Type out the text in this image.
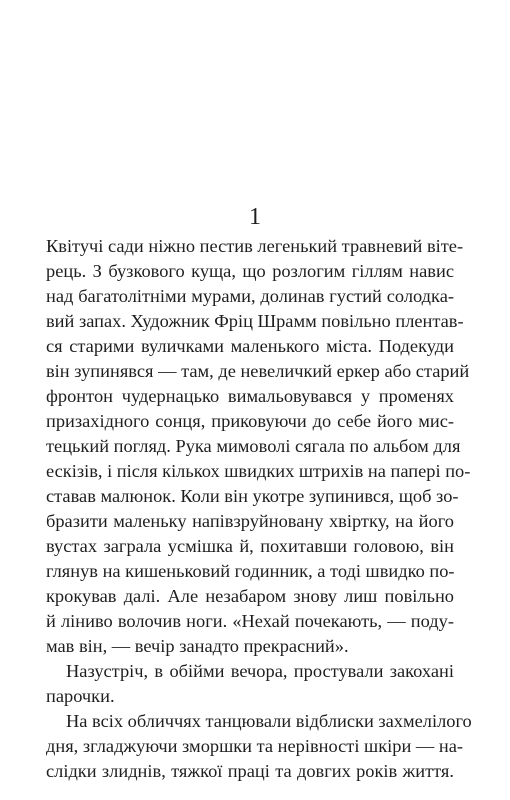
1
Квітучі сади ніжно пестив легенький травневий віте-
рець. З бузкового куща, що розлогим гіллям навис
над багатолітніми мурами, долинав густий солодка-
вий запах. Художник Фріц Шрамм повільно плентав-
ся старими вуличками маленького міста. Подекуди
він зупинявся — там, де невеличкий еркер або старий
фронтон чудернацько вимальовувався у променях
призахідного сонця, приковуючи до себе його мис-
тецький погляд. Рука мимоволі сягала по альбом для
ескізів, і після кількох швидких штрихів на папері по-
ставав малюнок. Коли він укотре зупинився, щоб зо-
бразити маленьку напівзруйновану хвіртку, на його
вустах заграла усмішка й, похитавши головою, він
глянув на кишеньковий годинник, а тоді швидко по-
крокував далі. Але незабаром знову лиш повільно
й ліниво волочив ноги. «Нехай почекають, — поду-
мав він, — вечір занадто прекрасний».
Назустріч, в обійми вечора, простували закохані
парочки.
На всіх обличчях танцювали відблиски захмелілого
дня, згладжуючи зморшки та нерівності шкіри — на-
слідки злиднів, тяжкої праці та довгих років життя.
